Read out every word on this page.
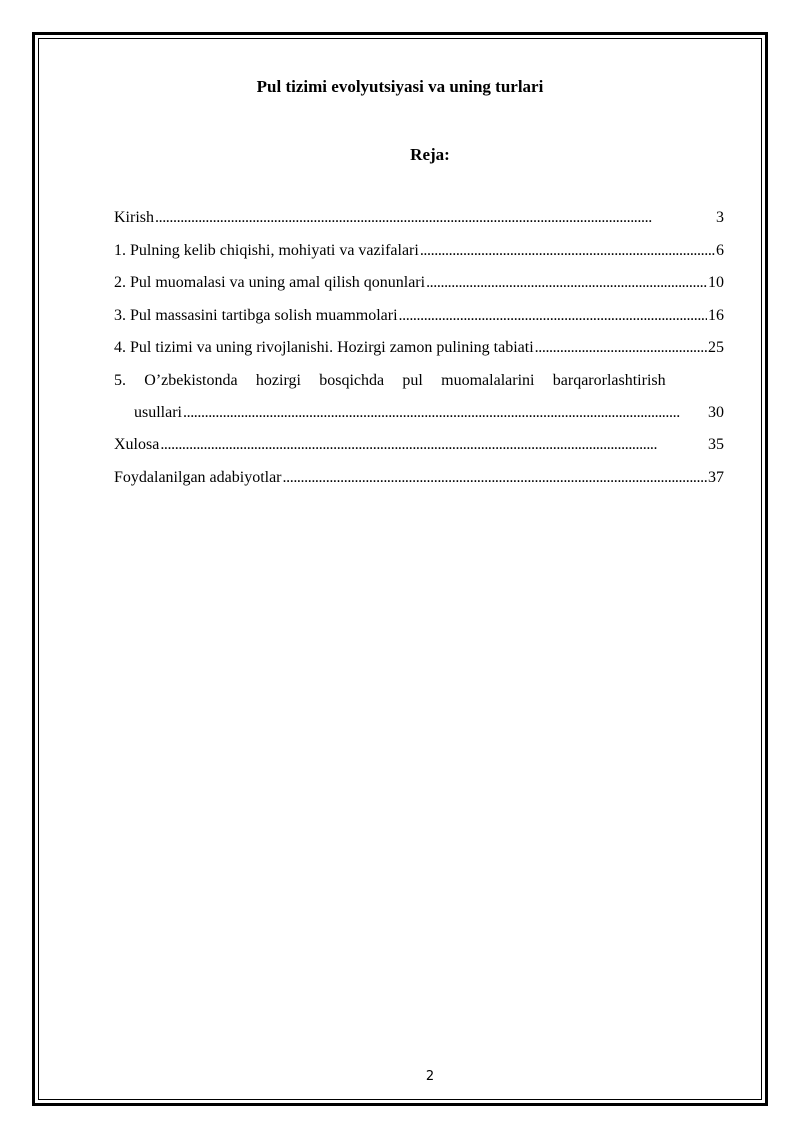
Pul tizimi evolyutsiyasi va uning turlari
Reja:
Kirish . . .	3
1. Pulning kelib chiqishi, mohiyati va vazifalari . . .	6
2. Pul muomalasi va uning amal qilish qonunlari . . .	10
3. Pul massasini tartibga solish muammolari . . .	16
4. Pul tizimi va uning rivojlanishi. Hozirgi zamon pulining tabiati . . .	25
5. O’zbekistonda hozirgi bosqichda pul muomalalarini barqarorlashtirish
usullari . . .	30
Xulosa . . .	35
Foydalanilgan adabiyotlar . . .	37
2
